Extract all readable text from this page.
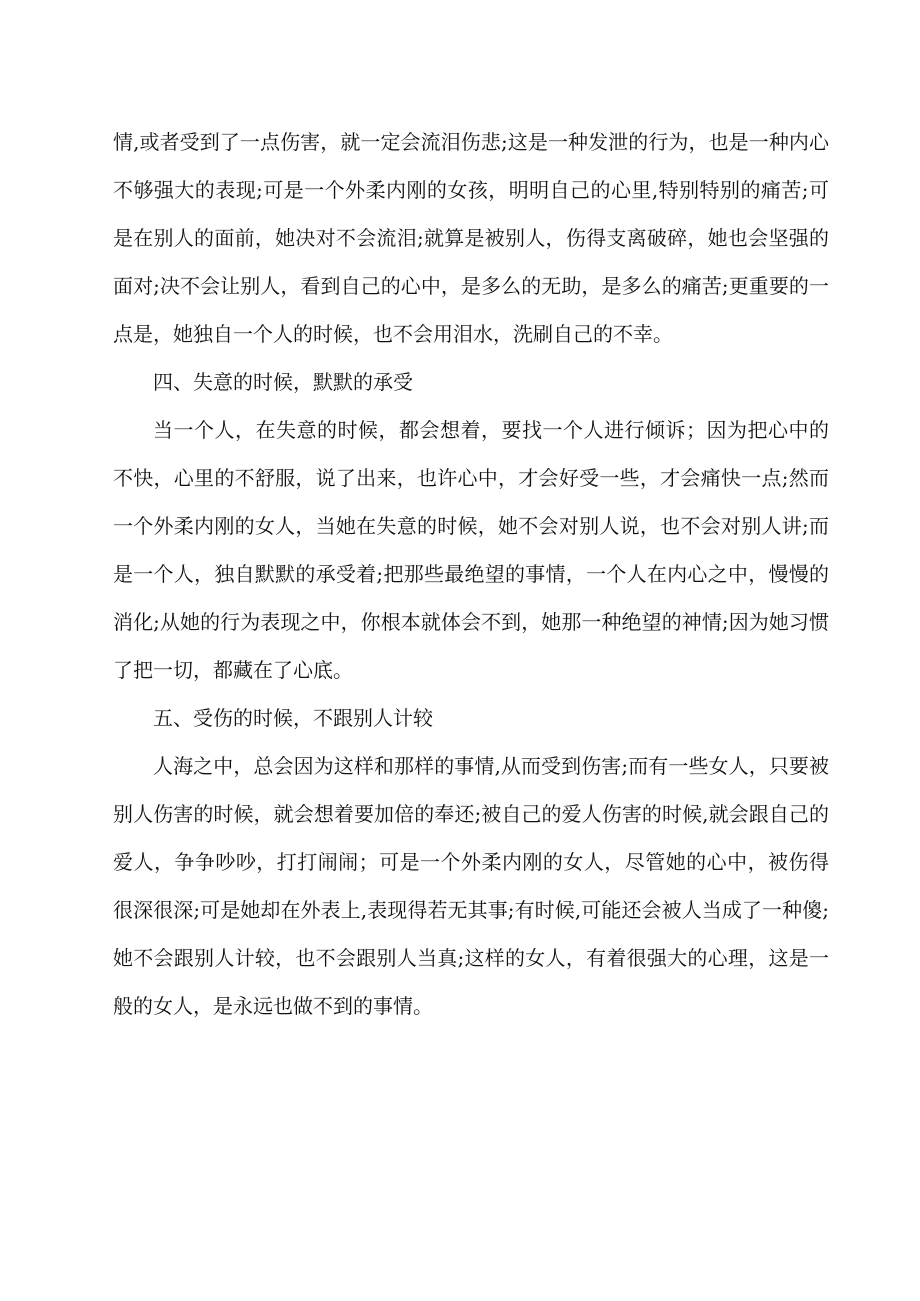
情,或者受到了一点伤害，就一定会流泪伤悲;这是一种发泄的行为，也是一种内心不够强大的表现;可是一个外柔内刚的女孩，明明自己的心里,特别特别的痛苦;可是在别人的面前，她决对不会流泪;就算是被别人，伤得支离破碎，她也会坚强的面对;决不会让别人，看到自己的心中，是多么的无助，是多么的痛苦;更重要的一点是，她独自一个人的时候，也不会用泪水，洗刷自己的不幸。

四、失意的时候，默默的承受

当一个人，在失意的时候，都会想着，要找一个人进行倾诉；因为把心中的不快，心里的不舒服，说了出来，也许心中，才会好受一些，才会痛快一点;然而一个外柔内刚的女人，当她在失意的时候，她不会对别人说，也不会对别人讲;而是一个人，独自默默的承受着;把那些最绝望的事情，一个人在内心之中，慢慢的消化;从她的行为表现之中，你根本就体会不到，她那一种绝望的神情;因为她习惯了把一切，都藏在了心底。

五、受伤的时候，不跟别人计较

人海之中，总会因为这样和那样的事情,从而受到伤害;而有一些女人，只要被别人伤害的时候，就会想着要加倍的奉还;被自己的爱人伤害的时候,就会跟自己的爱人，争争吵吵，打打闹闹；可是一个外柔内刚的女人，尽管她的心中，被伤得很深很深;可是她却在外表上,表现得若无其事;有时候,可能还会被人当成了一种傻;她不会跟别人计较，也不会跟别人当真;这样的女人，有着很强大的心理，这是一般的女人，是永远也做不到的事情。
